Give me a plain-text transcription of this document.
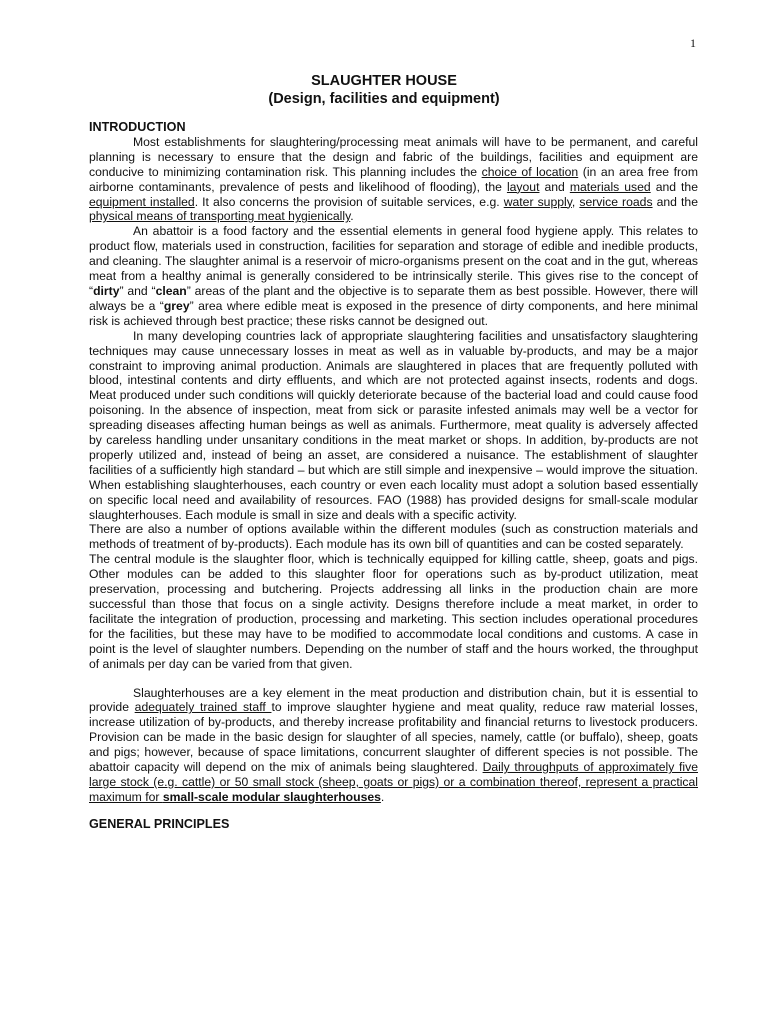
1
SLAUGHTER HOUSE
(Design, facilities and equipment)
INTRODUCTION

Most establishments for slaughtering/processing meat animals will have to be permanent, and careful planning is necessary to ensure that the design and fabric of the buildings, facilities and equipment are conducive to minimizing contamination risk. This planning includes the choice of location (in an area free from airborne contaminants, prevalence of pests and likelihood of flooding), the layout and materials used and the equipment installed. It also concerns the provision of suitable services, e.g. water supply, service roads and the physical means of transporting meat hygienically.

An abattoir is a food factory and the essential elements in general food hygiene apply. This relates to product flow, materials used in construction, facilities for separation and storage of edible and inedible products, and cleaning. The slaughter animal is a reservoir of micro-organisms present on the coat and in the gut, whereas meat from a healthy animal is generally considered to be intrinsically sterile. This gives rise to the concept of “dirty” and “clean” areas of the plant and the objective is to separate them as best possible. However, there will always be a “grey” area where edible meat is exposed in the presence of dirty components, and here minimal risk is achieved through best practice; these risks cannot be designed out.

In many developing countries lack of appropriate slaughtering facilities and unsatisfactory slaughtering techniques may cause unnecessary losses in meat as well as in valuable by-products, and may be a major constraint to improving animal production. Animals are slaughtered in places that are frequently polluted with blood, intestinal contents and dirty effluents, and which are not protected against insects, rodents and dogs. Meat produced under such conditions will quickly deteriorate because of the bacterial load and could cause food poisoning. In the absence of inspection, meat from sick or parasite infested animals may well be a vector for spreading diseases affecting human beings as well as animals. Furthermore, meat quality is adversely affected by careless handling under unsanitary conditions in the meat market or shops. In addition, by-products are not properly utilized and, instead of being an asset, are considered a nuisance. The establishment of slaughter facilities of a sufficiently high standard – but which are still simple and inexpensive – would improve the situation. When establishing slaughterhouses, each country or even each locality must adopt a solution based essentially on specific local need and availability of resources. FAO (1988) has provided designs for small-scale modular slaughterhouses. Each module is small in size and deals with a specific activity.

There are also a number of options available within the different modules (such as construction materials and methods of treatment of by-products). Each module has its own bill of quantities and can be costed separately.

The central module is the slaughter floor, which is technically equipped for killing cattle, sheep, goats and pigs. Other modules can be added to this slaughter floor for operations such as by-product utilization, meat preservation, processing and butchering. Projects addressing all links in the production chain are more successful than those that focus on a single activity. Designs therefore include a meat market, in order to facilitate the integration of production, processing and marketing. This section includes operational procedures for the facilities, but these may have to be modified to accommodate local conditions and customs. A case in point is the level of slaughter numbers. Depending on the number of staff and the hours worked, the throughput of animals per day can be varied from that given.

Slaughterhouses are a key element in the meat production and distribution chain, but it is essential to provide adequately trained staff to improve slaughter hygiene and meat quality, reduce raw material losses, increase utilization of by-products, and thereby increase profitability and financial returns to livestock producers. Provision can be made in the basic design for slaughter of all species, namely, cattle (or buffalo), sheep, goats and pigs; however, because of space limitations, concurrent slaughter of different species is not possible. The abattoir capacity will depend on the mix of animals being slaughtered. Daily throughputs of approximately five large stock (e.g. cattle) or 50 small stock (sheep, goats or pigs) or a combination thereof, represent a practical maximum for small-scale modular slaughterhouses.

GENERAL PRINCIPLES
